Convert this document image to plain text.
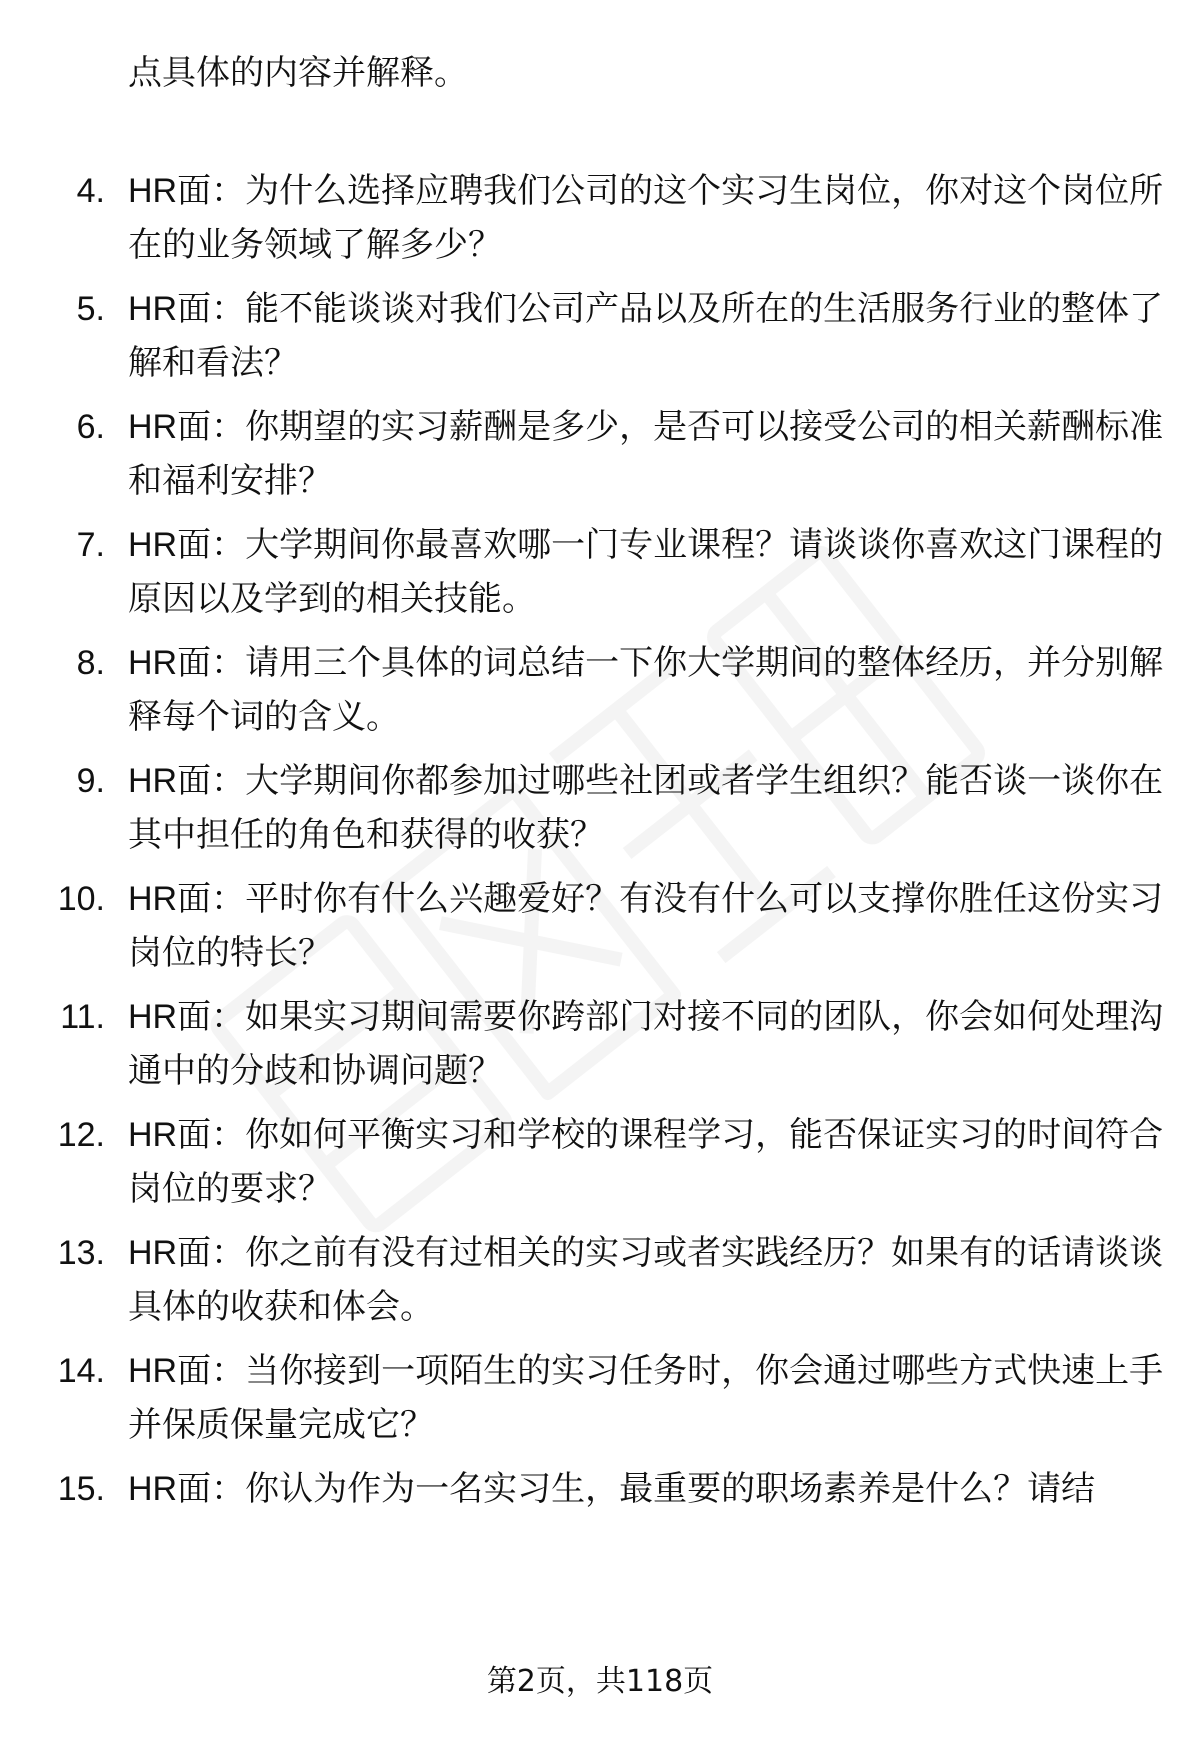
点具体的内容并解释。

4. HR面：为什么选择应聘我们公司的这个实习生岗位，你对这个岗位所在的业务领域了解多少？

5. HR面：能不能谈谈对我们公司产品以及所在的生活服务行业的整体了解和看法？

6. HR面：你期望的实习薪酬是多少，是否可以接受公司的相关薪酬标准和福利安排？

7. HR面：大学期间你最喜欢哪一门专业课程？请谈谈你喜欢这门课程的原因以及学到的相关技能。

8. HR面：请用三个具体的词总结一下你大学期间的整体经历，并分别解释每个词的含义。

9. HR面：大学期间你都参加过哪些社团或者学生组织？能否谈一谈你在其中担任的角色和获得的收获？

10. HR面：平时你有什么兴趣爱好？有没有什么可以支撑你胜任这份实习岗位的特长？

11. HR面：如果实习期间需要你跨部门对接不同的团队，你会如何处理沟通中的分歧和协调问题？

12. HR面：你如何平衡实习和学校的课程学习，能否保证实习的时间符合岗位的要求？

13. HR面：你之前有没有过相关的实习或者实践经历？如果有的话请谈谈具体的收获和体会。

14. HR面：当你接到一项陌生的实习任务时，你会通过哪些方式快速上手并保质保量完成它？

15. HR面：你认为作为一名实习生，最重要的职场素养是什么？请结

第2页，共118页
